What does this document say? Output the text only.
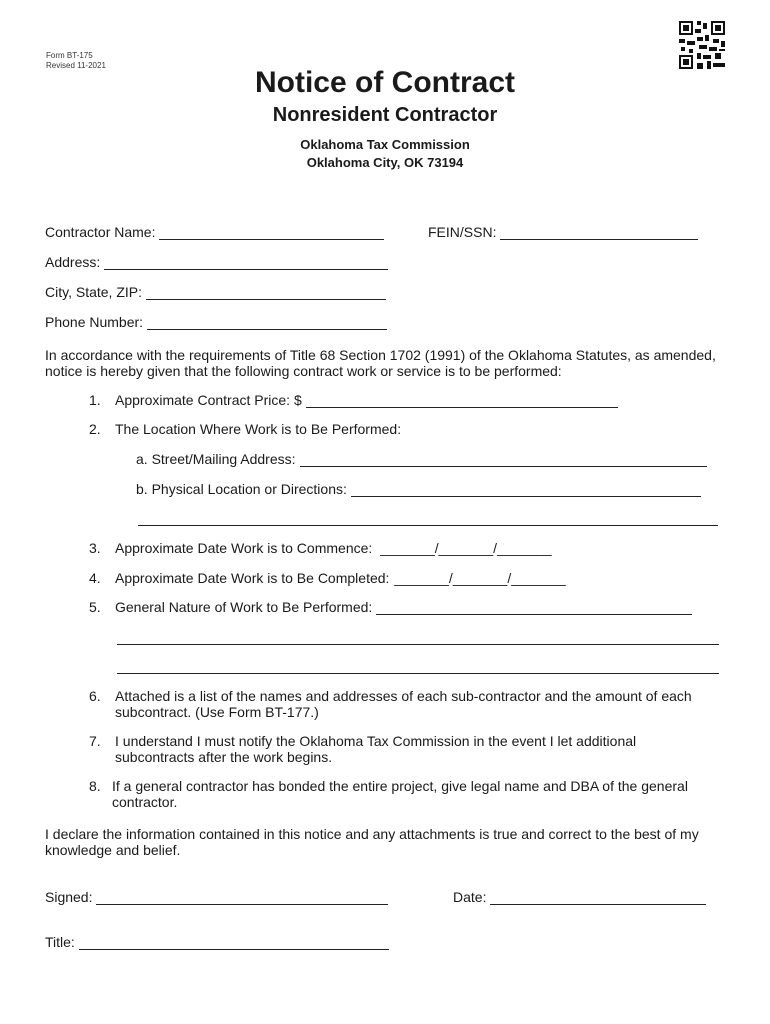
Form BT-175
Revised 11-2021
Notice of Contract
Nonresident Contractor
Oklahoma Tax Commission
Oklahoma City, OK 73194
Contractor Name:	FEIN/SSN:
Address:
City, State, ZIP:
Phone Number:
In accordance with the requirements of Title 68 Section 1702 (1991) of the Oklahoma Statutes, as amended, notice is hereby given that the following contract work or service is to be performed:
1.	Approximate Contract Price: $
2.	The Location Where Work is to Be Performed:
a. Street/Mailing Address:
b. Physical Location or Directions:
3.	Approximate Date Work is to Commence: _______/_______/_______
4.	Approximate Date Work is to Be Completed: _______/_______/_______
5.	General Nature of Work to Be Performed:
6.	Attached is a list of the names and addresses of each sub-contractor and the amount of each subcontract. (Use Form BT-177.)
7.	I understand I must notify the Oklahoma Tax Commission in the event I let additional subcontracts after the work begins.
8. If a general contractor has bonded the entire project, give legal name and DBA of the general contractor.
I declare the information contained in this notice and any attachments is true and correct to the best of my knowledge and belief.
Signed:	Date:
Title:
